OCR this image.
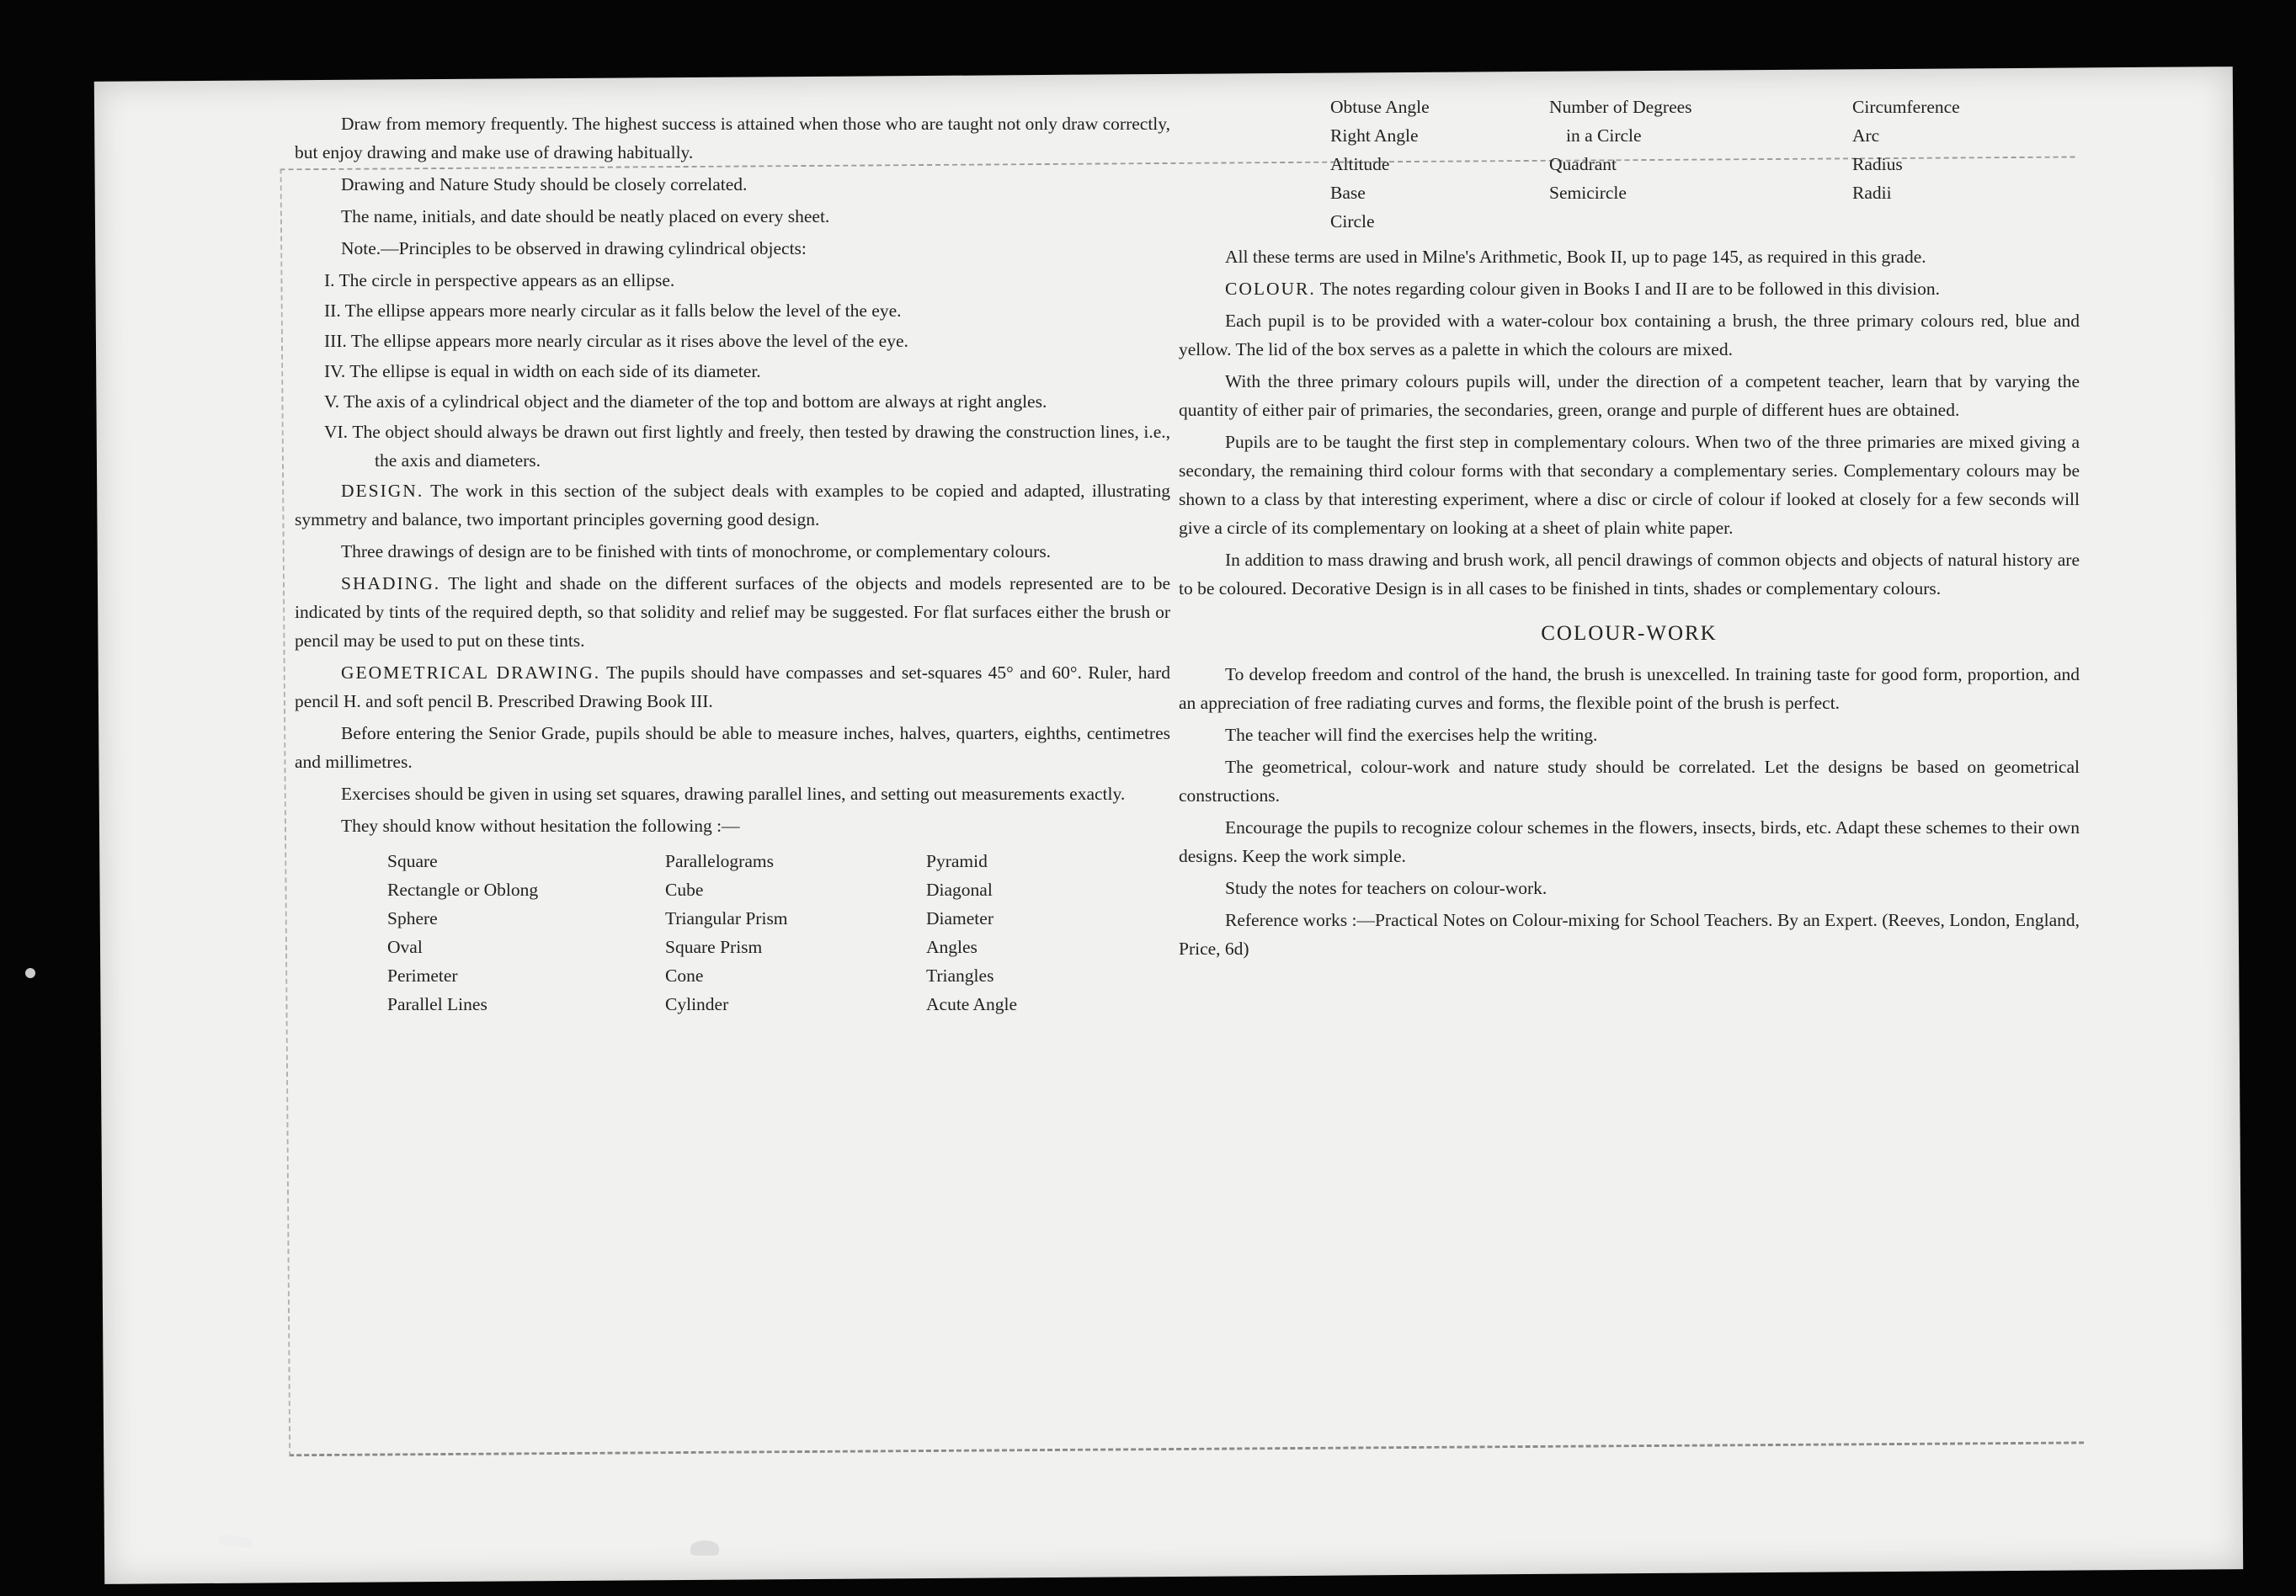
Draw from memory frequently. The highest success is attained when those who are taught not only draw correctly, but enjoy drawing and make use of drawing habitually.

Drawing and Nature Study should be closely correlated.

The name, initials, and date should be neatly placed on every sheet.

Note.—Principles to be observed in drawing cylindrical objects:

I. The circle in perspective appears as an ellipse.

II. The ellipse appears more nearly circular as it falls below the level of the eye.

III. The ellipse appears more nearly circular as it rises above the level of the eye.

IV. The ellipse is equal in width on each side of its diameter.

V. The axis of a cylindrical object and the diameter of the top and bottom are always at right angles.

VI. The object should always be drawn out first lightly and freely, then tested by drawing the construction lines, i.e., the axis and diameters.

DESIGN. The work in this section of the subject deals with examples to be copied and adapted, illustrating symmetry and balance, two important principles governing good design.

Three drawings of design are to be finished with tints of monochrome, or complementary colours.

SHADING. The light and shade on the different surfaces of the objects and models represented are to be indicated by tints of the required depth, so that solidity and relief may be suggested. For flat surfaces either the brush or pencil may be used to put on these tints.

GEOMETRICAL DRAWING. The pupils should have compasses and set-squares 45° and 60°. Ruler, hard pencil H. and soft pencil B. Prescribed Drawing Book III.

Before entering the Senior Grade, pupils should be able to measure inches, halves, quarters, eighths, centimetres and millimetres.

Exercises should be given in using set squares, drawing parallel lines, and setting out measurements exactly.

They should know without hesitation the following :—

Square
Rectangle or Oblong
Sphere
Oval
Perimeter
Parallel Lines
Parallelograms
Cube
Triangular Prism
Square Prism
Cone
Cylinder
Pyramid
Diagonal
Diameter
Angles
Triangles
Acute Angle
Obtuse Angle
Right Angle
Altitude
Base
Circle
Number of Degrees
in a Circle
Quadrant
Semicircle
Circumference
Arc
Radius
Radii

All these terms are used in Milne's Arithmetic, Book II, up to page 145, as required in this grade.

COLOUR. The notes regarding colour given in Books I and II are to be followed in this division.

Each pupil is to be provided with a water-colour box containing a brush, the three primary colours red, blue and yellow. The lid of the box serves as a palette in which the colours are mixed.

With the three primary colours pupils will, under the direction of a competent teacher, learn that by varying the quantity of either pair of primaries, the secondaries, green, orange and purple of different hues are obtained.

Pupils are to be taught the first step in complementary colours. When two of the three primaries are mixed giving a secondary, the remaining third colour forms with that secondary a complementary series. Complementary colours may be shown to a class by that interesting experiment, where a disc or circle of colour if looked at closely for a few seconds will give a circle of its complementary on looking at a sheet of plain white paper.

In addition to mass drawing and brush work, all pencil drawings of common objects and objects of natural history are to be coloured. Decorative Design is in all cases to be finished in tints, shades or complementary colours.

COLOUR-WORK

To develop freedom and control of the hand, the brush is unexcelled. In training taste for good form, proportion, and an appreciation of free radiating curves and forms, the flexible point of the brush is perfect.

The teacher will find the exercises help the writing.

The geometrical, colour-work and nature study should be correlated. Let the designs be based on geometrical constructions.

Encourage the pupils to recognize colour schemes in the flowers, insects, birds, etc. Adapt these schemes to their own designs. Keep the work simple.

Study the notes for teachers on colour-work.

Reference works :—Practical Notes on Colour-mixing for School Teachers. By an Expert. (Reeves, London, England, Price, 6d)
